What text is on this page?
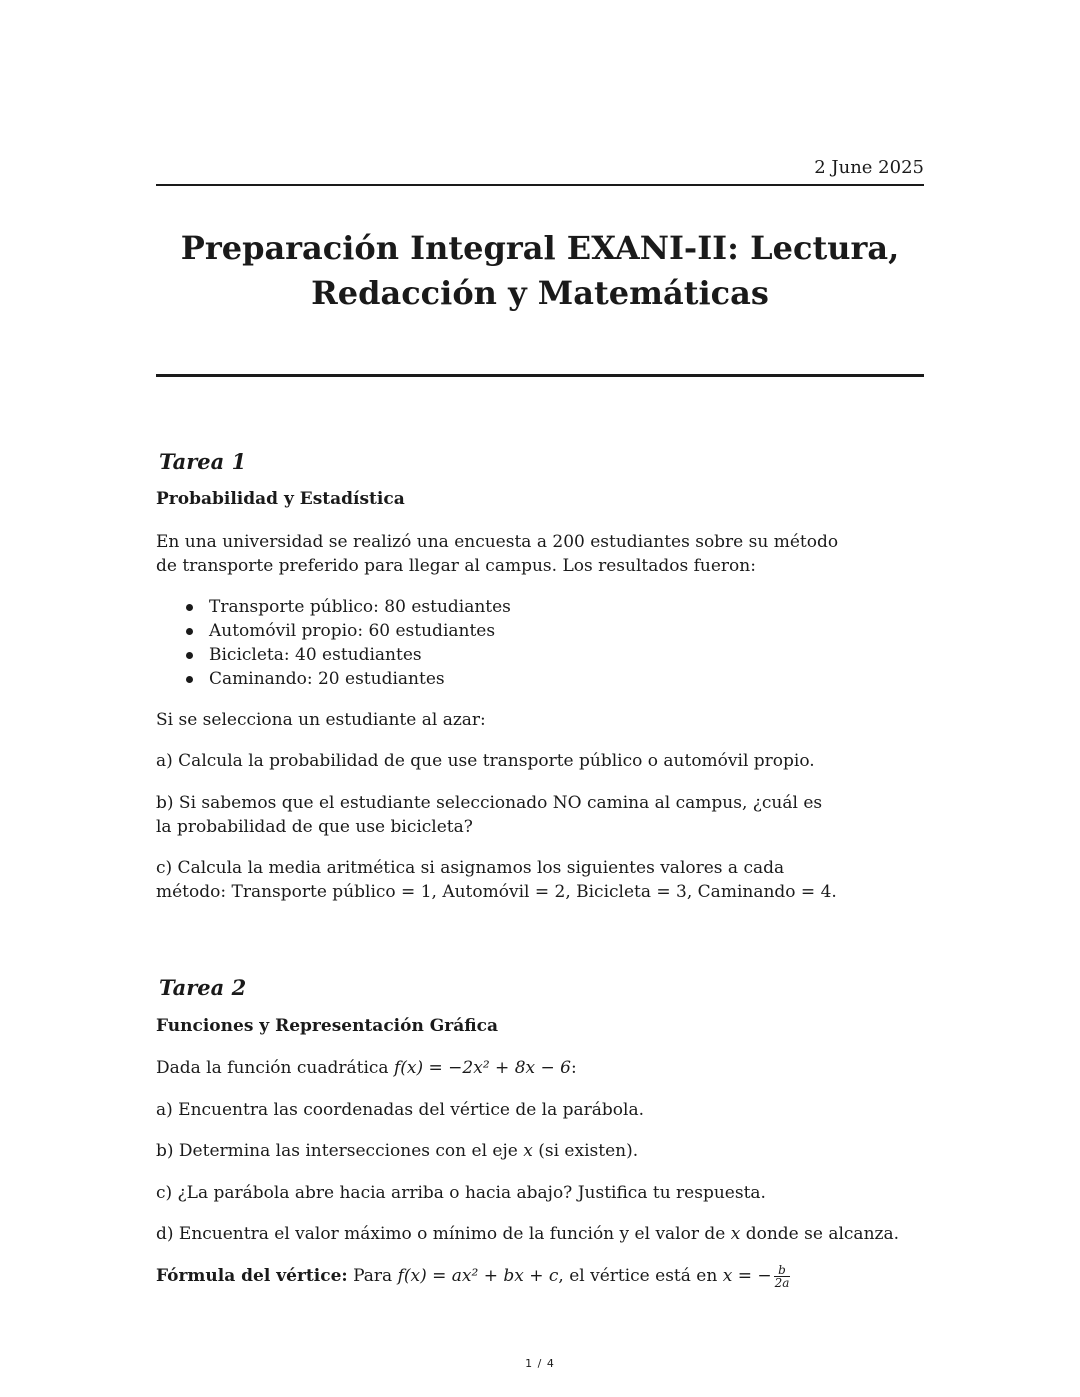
2 June 2025
Preparación Integral EXANI-II: Lectura,
Redacción y Matemáticas
Tarea 1
Probabilidad y Estadística
En una universidad se realizó una encuesta a 200 estudiantes sobre su método de transporte preferido para llegar al campus. Los resultados fueron:
Transporte público: 80 estudiantes
Automóvil propio: 60 estudiantes
Bicicleta: 40 estudiantes
Caminando: 20 estudiantes
Si se selecciona un estudiante al azar:
a) Calcula la probabilidad de que use transporte público o automóvil propio.
b) Si sabemos que el estudiante seleccionado NO camina al campus, ¿cuál es la probabilidad de que use bicicleta?
c) Calcula la media aritmética si asignamos los siguientes valores a cada método: Transporte público = 1, Automóvil = 2, Bicicleta = 3, Caminando = 4.
Tarea 2
Funciones y Representación Gráfica
Dada la función cuadrática f(x) = −2x² + 8x − 6:
a) Encuentra las coordenadas del vértice de la parábola.
b) Determina las intersecciones con el eje x (si existen).
c) ¿La parábola abre hacia arriba o hacia abajo? Justifica tu respuesta.
d) Encuentra el valor máximo o mínimo de la función y el valor de x donde se alcanza.
Fórmula del vértice: Para f(x) = ax² + bx + c, el vértice está en x = − $\frac{b}{2a}$
1 / 4
